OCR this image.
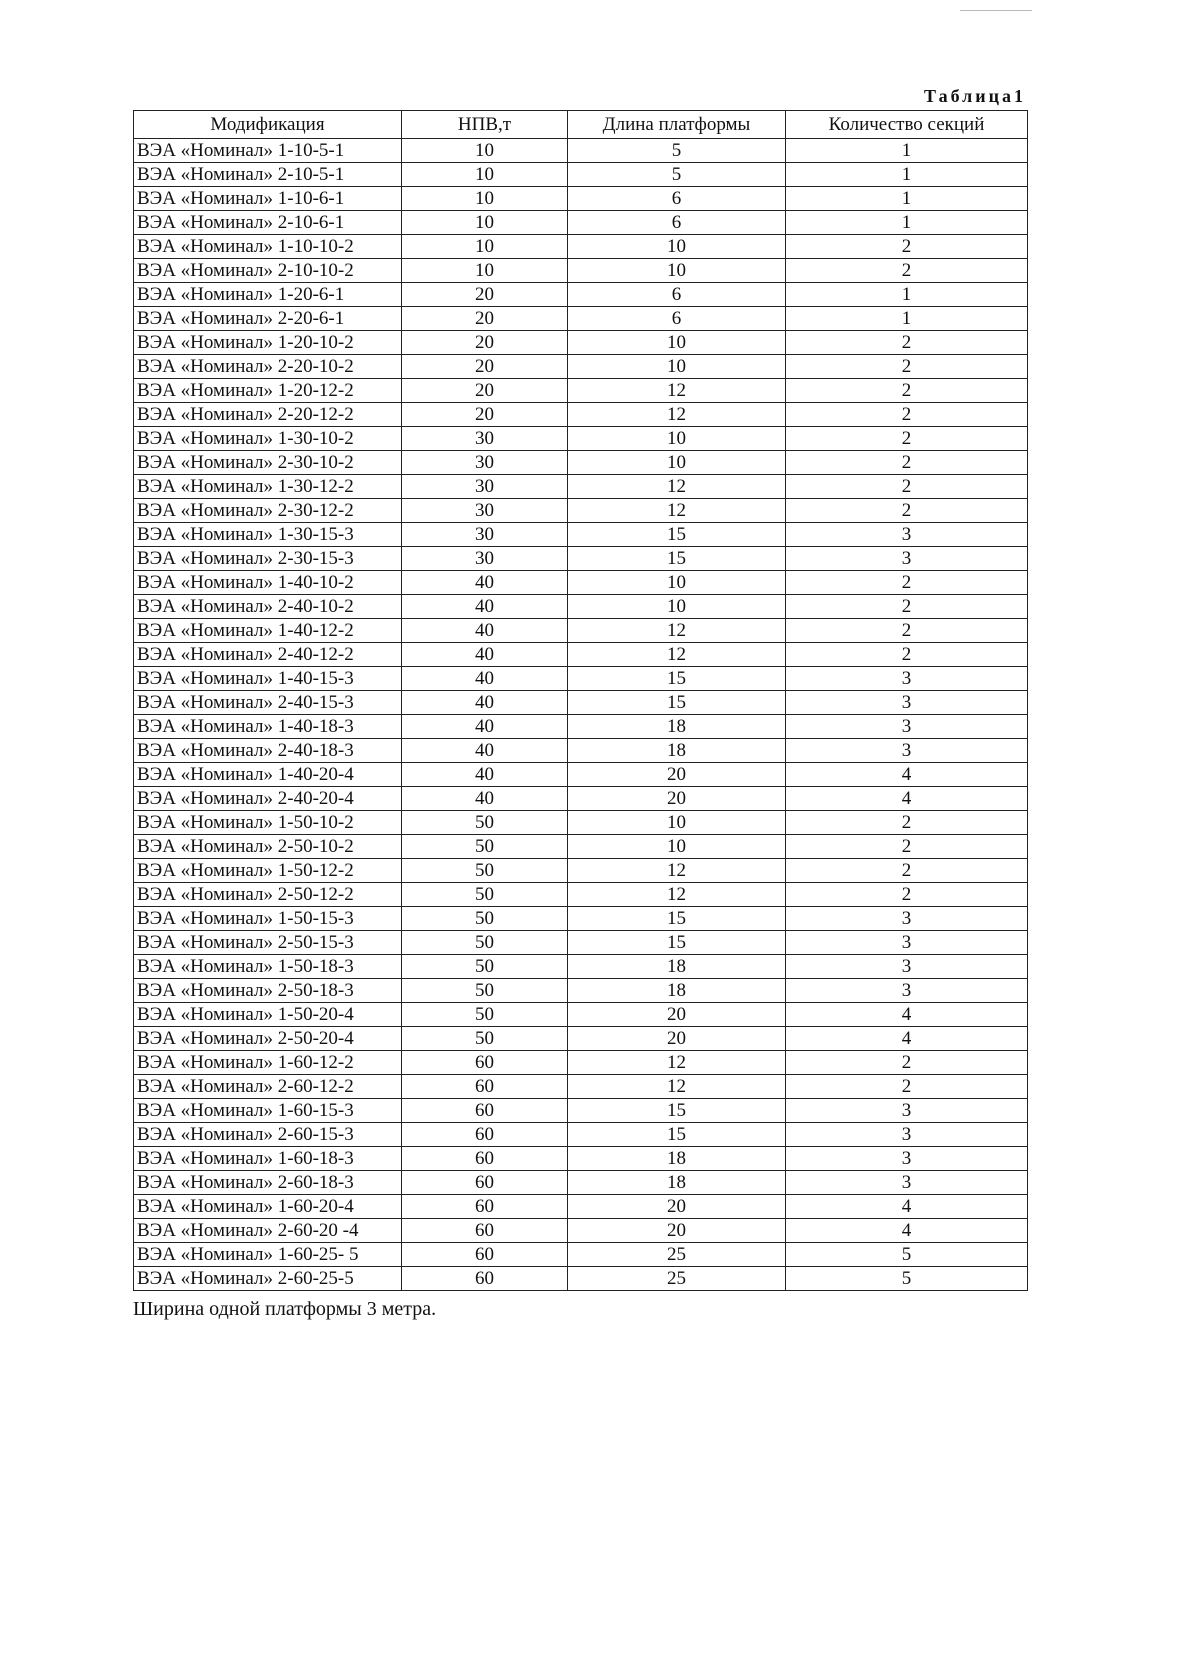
Таблица1
Модификация	НПВ,т	Длина платформы	Количество секций
ВЭА «Номинал» 1-10-5-1	10	5	1
ВЭА «Номинал» 2-10-5-1	10	5	1
ВЭА «Номинал» 1-10-6-1	10	6	1
ВЭА «Номинал» 2-10-6-1	10	6	1
ВЭА «Номинал» 1-10-10-2	10	10	2
ВЭА «Номинал» 2-10-10-2	10	10	2
ВЭА «Номинал» 1-20-6-1	20	6	1
ВЭА «Номинал» 2-20-6-1	20	6	1
ВЭА «Номинал» 1-20-10-2	20	10	2
ВЭА «Номинал» 2-20-10-2	20	10	2
ВЭА «Номинал» 1-20-12-2	20	12	2
ВЭА «Номинал» 2-20-12-2	20	12	2
ВЭА «Номинал» 1-30-10-2	30	10	2
ВЭА «Номинал» 2-30-10-2	30	10	2
ВЭА «Номинал» 1-30-12-2	30	12	2
ВЭА «Номинал» 2-30-12-2	30	12	2
ВЭА «Номинал» 1-30-15-3	30	15	3
ВЭА «Номинал» 2-30-15-3	30	15	3
ВЭА «Номинал» 1-40-10-2	40	10	2
ВЭА «Номинал» 2-40-10-2	40	10	2
ВЭА «Номинал» 1-40-12-2	40	12	2
ВЭА «Номинал» 2-40-12-2	40	12	2
ВЭА «Номинал» 1-40-15-3	40	15	3
ВЭА «Номинал» 2-40-15-3	40	15	3
ВЭА «Номинал» 1-40-18-3	40	18	3
ВЭА «Номинал» 2-40-18-3	40	18	3
ВЭА «Номинал» 1-40-20-4	40	20	4
ВЭА «Номинал» 2-40-20-4	40	20	4
ВЭА «Номинал» 1-50-10-2	50	10	2
ВЭА «Номинал» 2-50-10-2	50	10	2
ВЭА «Номинал» 1-50-12-2	50	12	2
ВЭА «Номинал» 2-50-12-2	50	12	2
ВЭА «Номинал» 1-50-15-3	50	15	3
ВЭА «Номинал» 2-50-15-3	50	15	3
ВЭА «Номинал» 1-50-18-3	50	18	3
ВЭА «Номинал» 2-50-18-3	50	18	3
ВЭА «Номинал» 1-50-20-4	50	20	4
ВЭА «Номинал» 2-50-20-4	50	20	4
ВЭА «Номинал» 1-60-12-2	60	12	2
ВЭА «Номинал» 2-60-12-2	60	12	2
ВЭА «Номинал» 1-60-15-3	60	15	3
ВЭА «Номинал» 2-60-15-3	60	15	3
ВЭА «Номинал» 1-60-18-3	60	18	3
ВЭА «Номинал» 2-60-18-3	60	18	3
ВЭА «Номинал» 1-60-20-4	60	20	4
ВЭА «Номинал» 2-60-20 -4	60	20	4
ВЭА «Номинал» 1-60-25- 5	60	25	5
ВЭА «Номинал» 2-60-25-5	60	25	5
Ширина одной платформы 3 метра.
